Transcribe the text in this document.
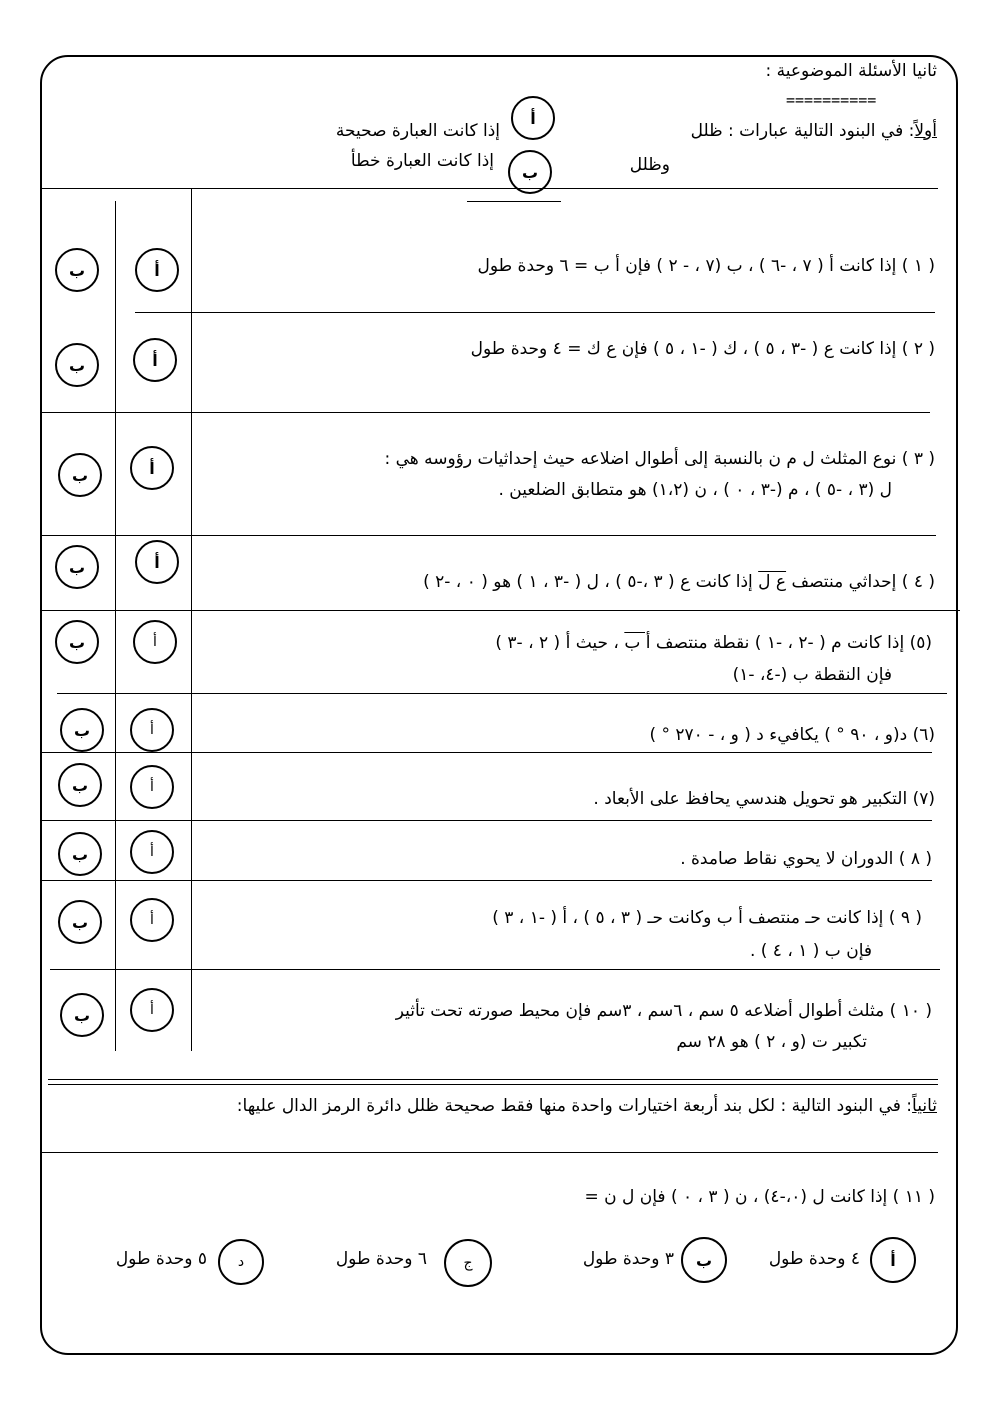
ثانيا الأسئلة الموضوعية :
==========
أولاً: في البنود التالية عبارات : ظلل
أ
إذا كانت العبارة صحيحة
وظلل
ب
إذا كانت العبارة خطأ
( ١ ) إذا كانت أ ( ٧ ، -٦ ) ، ب (٧ ، - ٢ ) فإن أ ب = ٦ وحدة طول
أ
ب
( ٢ ) إذا كانت ع ( -٣ ، ٥ ) ، ك ( -١ ، ٥ ) فإن ع ك = ٤ وحدة طول
أ
ب
( ٣ ) نوع المثلث ل م ن بالنسبة إلى أطوال اضلاعه حيث إحداثيات رؤوسه هي :
ل (٣ ، -٥ ) ، م (-٣ ، ٠ ) ، ن (١،٢) هو متطابق الضلعين .
أ
ب
( ٤ ) إحداثي منتصف ع ل إذا كانت ع ( ٣ ،-٥ ) ، ل ( -٣ ، ١ ) هو ( ٠ ، -٢ )
أ
ب
(٥) إذا كانت م ( -٢ ، -١ ) نقطة منتصف أ ب ، حيث أ ( ٢ ، -٣ )
فإن النقطة ب (-٤، -١)
أ
ب
(٦) د(و ، ٩٠ ° ) يكافيء د ( و ، - ٢٧٠ ° )
أ
ب
(٧) التكبير هو تحويل هندسي يحافظ على الأبعاد .
أ
ب
( ٨ ) الدوران لا يحوي نقاط صامدة .
أ
ب
( ٩ ) إذا كانت حـ منتصف أ ب وكانت حـ ( ٣ ، ٥ ) ، أ ( -١ ، ٣ )
فإن ب ( ١ ، ٤ ) .
أ
ب
( ١٠ ) مثلث أطوال أضلاعه ٥ سم ، ٦سم ، ٣سم فإن محيط صورته تحت تأثير
تكبير ت (و ، ٢ ) هو ٢٨ سم
أ
ب
ثانياً: في البنود التالية : لكل بند أربعة اختيارات واحدة منها فقط صحيحة ظلل دائرة الرمز الدال عليها:
( ١١ ) إذا كانت ل (٠،-٤) ، ن ( ٣ ، ٠ ) فإن ل ن =
أ
٤ وحدة طول
ب
٣ وحدة طول
ج
٦ وحدة طول
د
٥ وحدة طول
